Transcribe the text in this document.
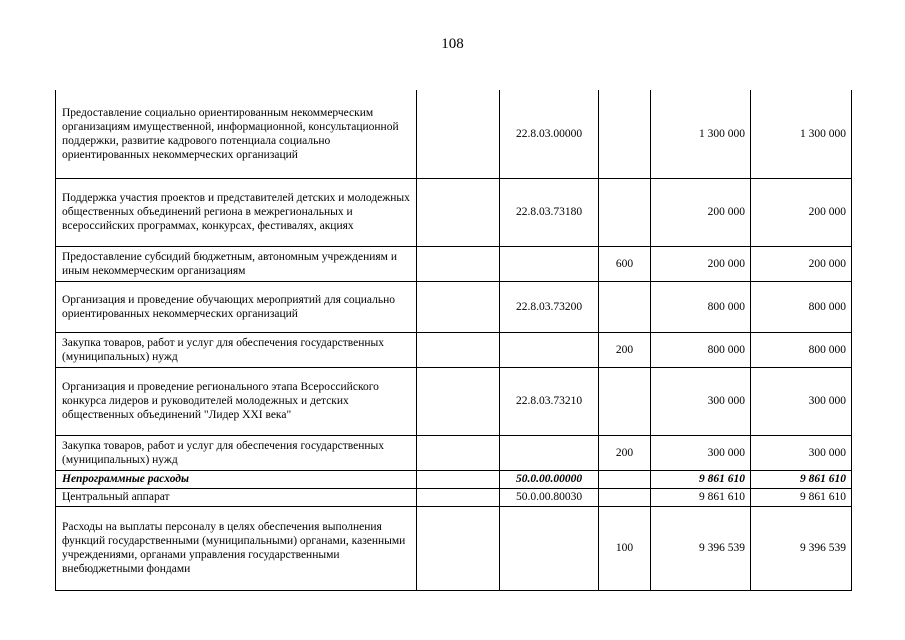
108
Предоставление социально ориентированным некоммерческим организациям имущественной, информационной, консультационной поддержки, развитие кадрового потенциала социально ориентированных некоммерческих организаций		22.8.03.00000		1 300 000	1 300 000
Поддержка участия проектов и представителей детских и молодежных общественных объединений региона в межрегиональных и всероссийских программах, конкурсах, фестивалях, акциях		22.8.03.73180		200 000	200 000
Предоставление субсидий бюджетным, автономным учреждениям и иным некоммерческим организациям			600	200 000	200 000
Организация и проведение обучающих мероприятий для социально ориентированных некоммерческих организаций		22.8.03.73200		800 000	800 000
Закупка товаров, работ и услуг для обеспечения государственных (муниципальных) нужд			200	800 000	800 000
Организация и проведение регионального этапа Всероссийского конкурса лидеров и руководителей молодежных и детских общественных объединений "Лидер XXI века"		22.8.03.73210		300 000	300 000
Закупка товаров, работ и услуг для обеспечения государственных (муниципальных) нужд			200	300 000	300 000
Непрограммные расходы		50.0.00.00000		9 861 610	9 861 610
Центральный аппарат		50.0.00.80030		9 861 610	9 861 610
Расходы на выплаты персоналу в целях обеспечения выполнения функций государственными (муниципальными) органами, казенными учреждениями, органами управления государственными внебюджетными фондами			100	9 396 539	9 396 539
